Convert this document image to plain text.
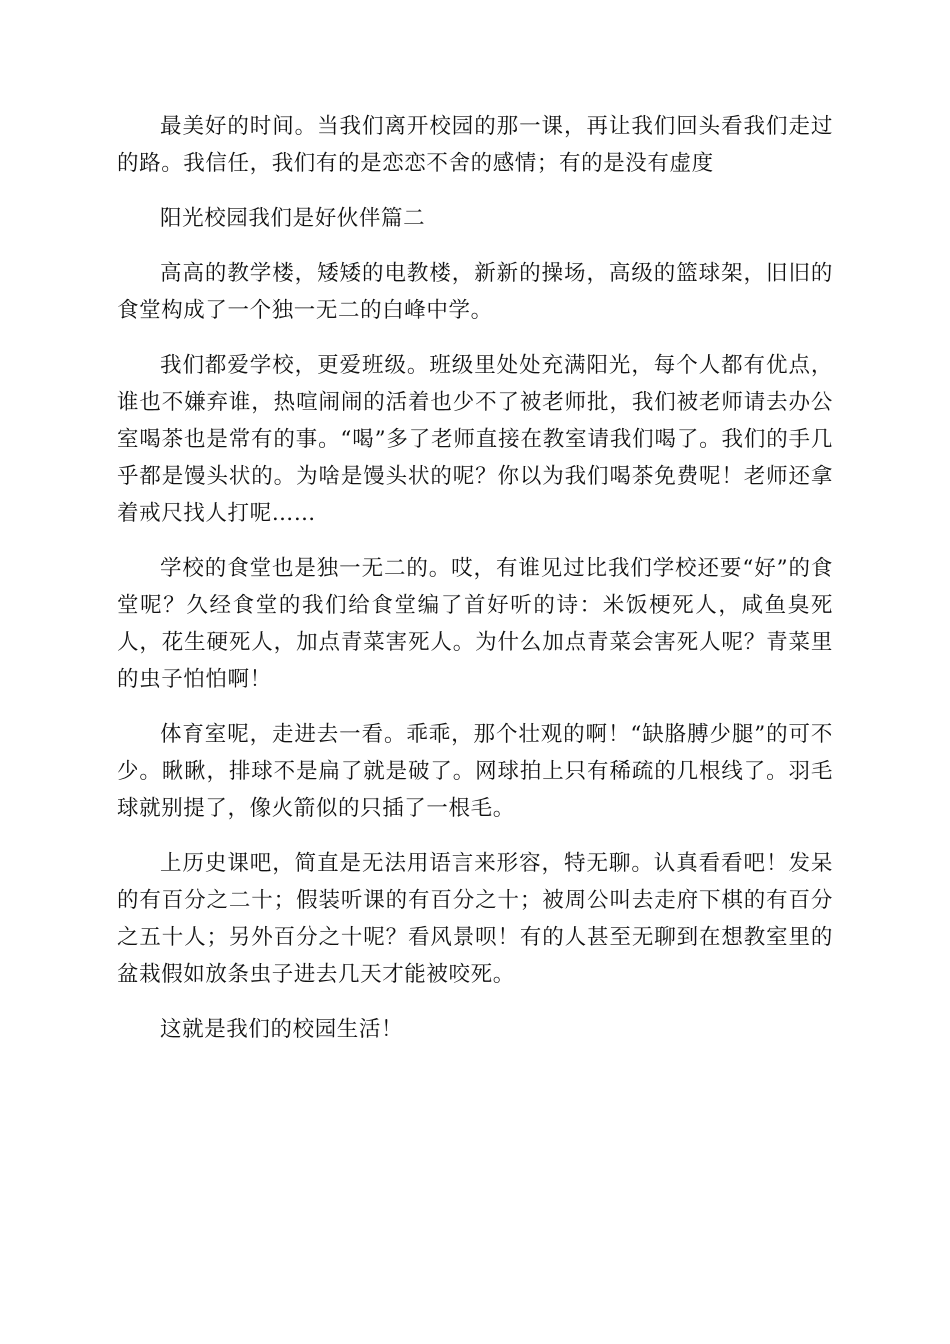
最美好的时间。当我们离开校园的那一课，再让我们回头看我们走过的路。我信任，我们有的是恋恋不舍的感情；有的是没有虚度

阳光校园我们是好伙伴篇二

高高的教学楼，矮矮的电教楼，新新的操场，高级的篮球架，旧旧的食堂构成了一个独一无二的白峰中学。

我们都爱学校，更爱班级。班级里处处充满阳光，每个人都有优点，谁也不嫌弃谁，热喧闹闹的活着也少不了被老师批，我们被老师请去办公室喝茶也是常有的事。“喝”多了老师直接在教室请我们喝了。我们的手几乎都是馒头状的。为啥是馒头状的呢？你以为我们喝茶免费呢！老师还拿着戒尺找人打呢……

学校的食堂也是独一无二的。哎，有谁见过比我们学校还要“好”的食堂呢？久经食堂的我们给食堂编了首好听的诗：米饭梗死人，咸鱼臭死人，花生硬死人，加点青菜害死人。为什么加点青菜会害死人呢？青菜里的虫子怕怕啊！

体育室呢，走进去一看。乖乖，那个壮观的啊！“缺胳膊少腿”的可不少。瞅瞅，排球不是扁了就是破了。网球拍上只有稀疏的几根线了。羽毛球就别提了，像火箭似的只插了一根毛。

上历史课吧，简直是无法用语言来形容，特无聊。认真看看吧！发呆的有百分之二十；假装听课的有百分之十；被周公叫去走府下棋的有百分之五十人；另外百分之十呢？看风景呗！有的人甚至无聊到在想教室里的盆栽假如放条虫子进去几天才能被咬死。

这就是我们的校园生活！
